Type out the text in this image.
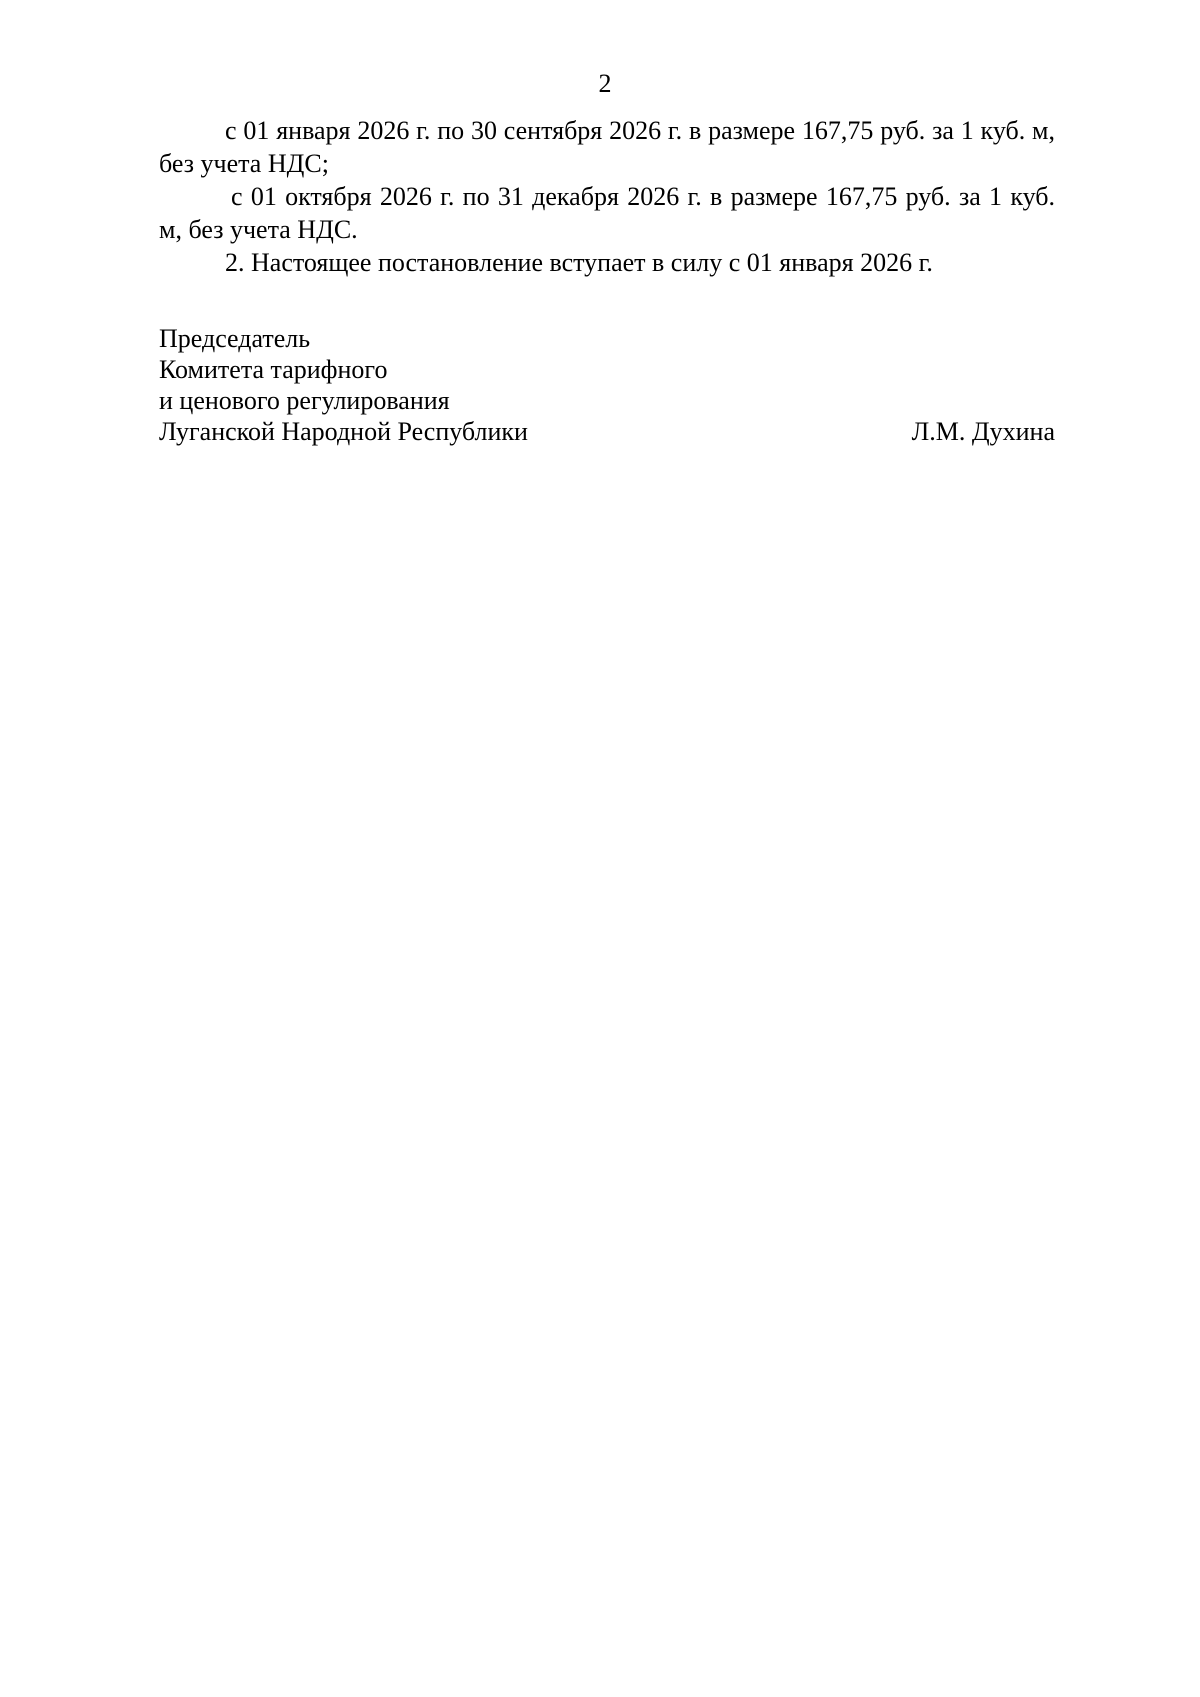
2

с 01 января 2026 г. по 30 сентября 2026 г. в размере 167,75 руб. за 1 куб. м, без учета НДС;

с 01 октября 2026 г. по 31 декабря 2026 г. в размере 167,75 руб. за 1 куб. м, без учета НДС.

2. Настоящее постановление вступает в силу с 01 января 2026 г.

Председатель
Комитета тарифного
и ценового регулирования
Луганской Народной Республики	Л.М. Духина
